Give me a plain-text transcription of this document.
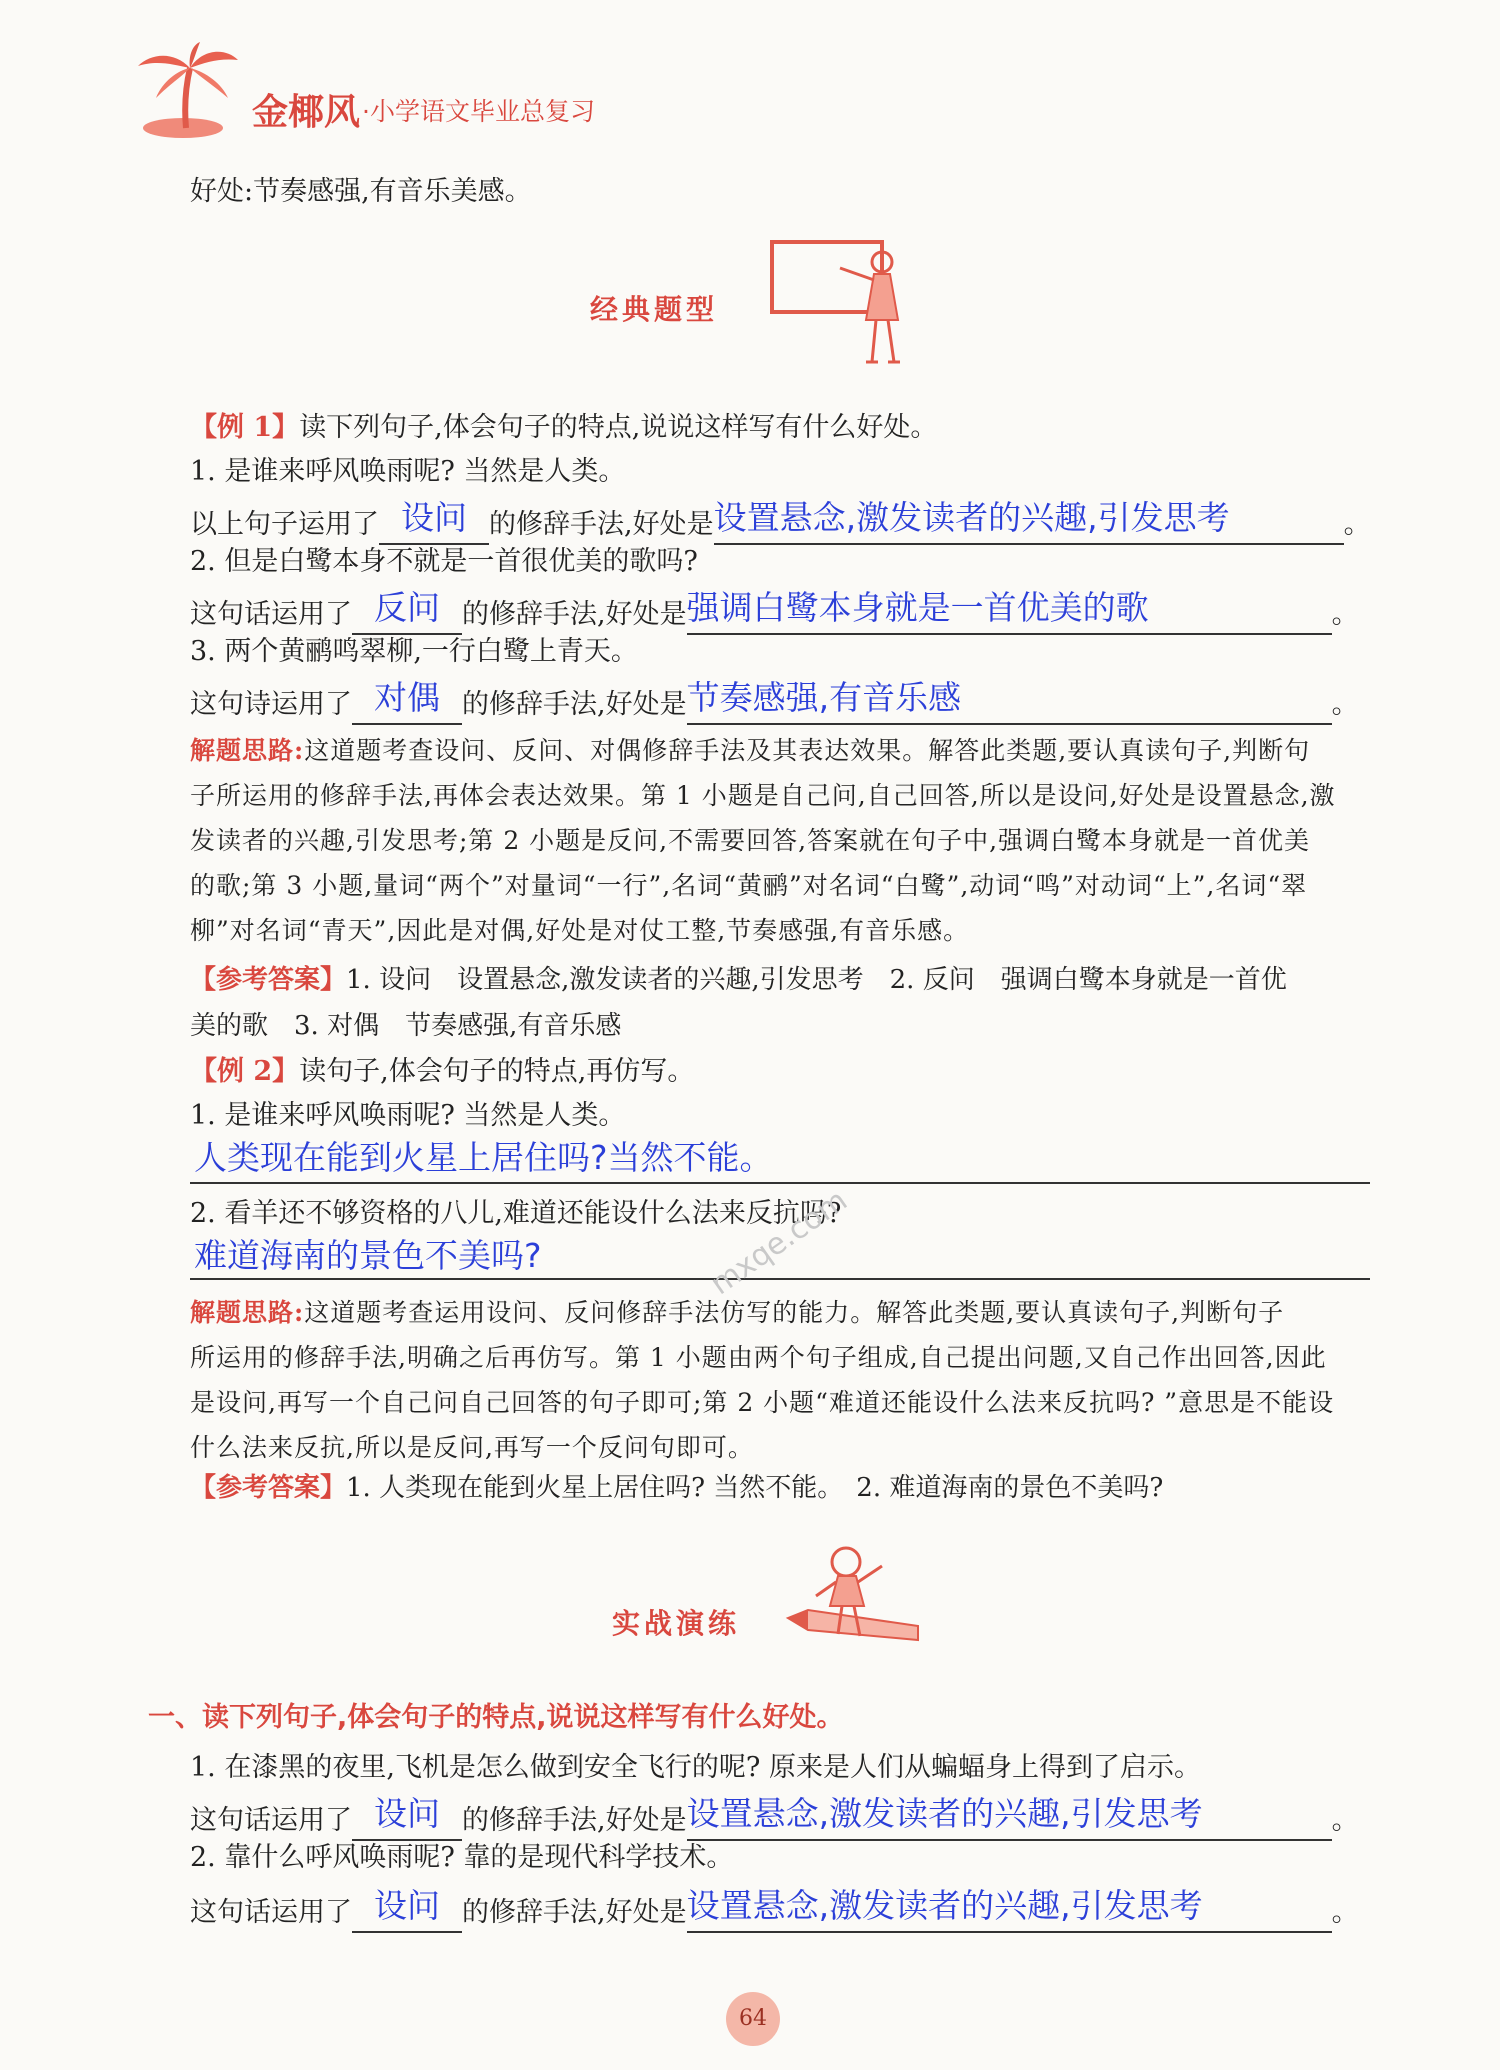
金椰风 ·小学语文毕业总复习
好处:节奏感强,有音乐美感。
经典题型
【例 1】读下列句子,体会句子的特点,说说这样写有什么好处。
1. 是谁来呼风唤雨呢? 当然是人类。
以上句子运用了 设问 的修辞手法,好处是设置悬念,激发读者的兴趣,引发思考	。
2. 但是白鹭本身不就是一首很优美的歌吗?
这句话运用了 反问 的修辞手法,好处是强调白鹭本身就是一首优美的歌	。
3. 两个黄鹂鸣翠柳,一行白鹭上青天。
这句诗运用了 对偶 的修辞手法,好处是节奏感强,有音乐感	。
解题思路:这道题考查设问、反问、对偶修辞手法及其表达效果。解答此类题,要认真读句子,判断句
子所运用的修辞手法,再体会表达效果。第 1 小题是自己问,自己回答,所以是设问,好处是设置悬念,激
发读者的兴趣,引发思考;第 2 小题是反问,不需要回答,答案就在句子中,强调白鹭本身就是一首优美
的歌;第 3 小题,量词“两个”对量词“一行”,名词“黄鹂”对名词“白鹭”,动词“鸣”对动词“上”,名词“翠
柳”对名词“青天”,因此是对偶,好处是对仗工整,节奏感强,有音乐感。
【参考答案】1. 设问　设置悬念,激发读者的兴趣,引发思考　2. 反问　强调白鹭本身就是一首优
美的歌　3. 对偶　节奏感强,有音乐感
【例 2】读句子,体会句子的特点,再仿写。
1. 是谁来呼风唤雨呢? 当然是人类。
人类现在能到火星上居住吗?当然不能。
2. 看羊还不够资格的八儿,难道还能设什么法来反抗吗?
难道海南的景色不美吗?	mxqe.com
解题思路:这道题考查运用设问、反问修辞手法仿写的能力。解答此类题,要认真读句子,判断句子
所运用的修辞手法,明确之后再仿写。第 1 小题由两个句子组成,自己提出问题,又自己作出回答,因此
是设问,再写一个自己问自己回答的句子即可;第 2 小题“难道还能设什么法来反抗吗? ”意思是不能设
什么法来反抗,所以是反问,再写一个反问句即可。
【参考答案】1. 人类现在能到火星上居住吗? 当然不能。　2. 难道海南的景色不美吗?
实战演练
一、读下列句子,体会句子的特点,说说这样写有什么好处。
1. 在漆黑的夜里,飞机是怎么做到安全飞行的呢? 原来是人们从蝙蝠身上得到了启示。
这句话运用了 设问 的修辞手法,好处是设置悬念,激发读者的兴趣,引发思考	。
2. 靠什么呼风唤雨呢? 靠的是现代科学技术。
这句话运用了 设问 的修辞手法,好处是设置悬念,激发读者的兴趣,引发思考	。
64
